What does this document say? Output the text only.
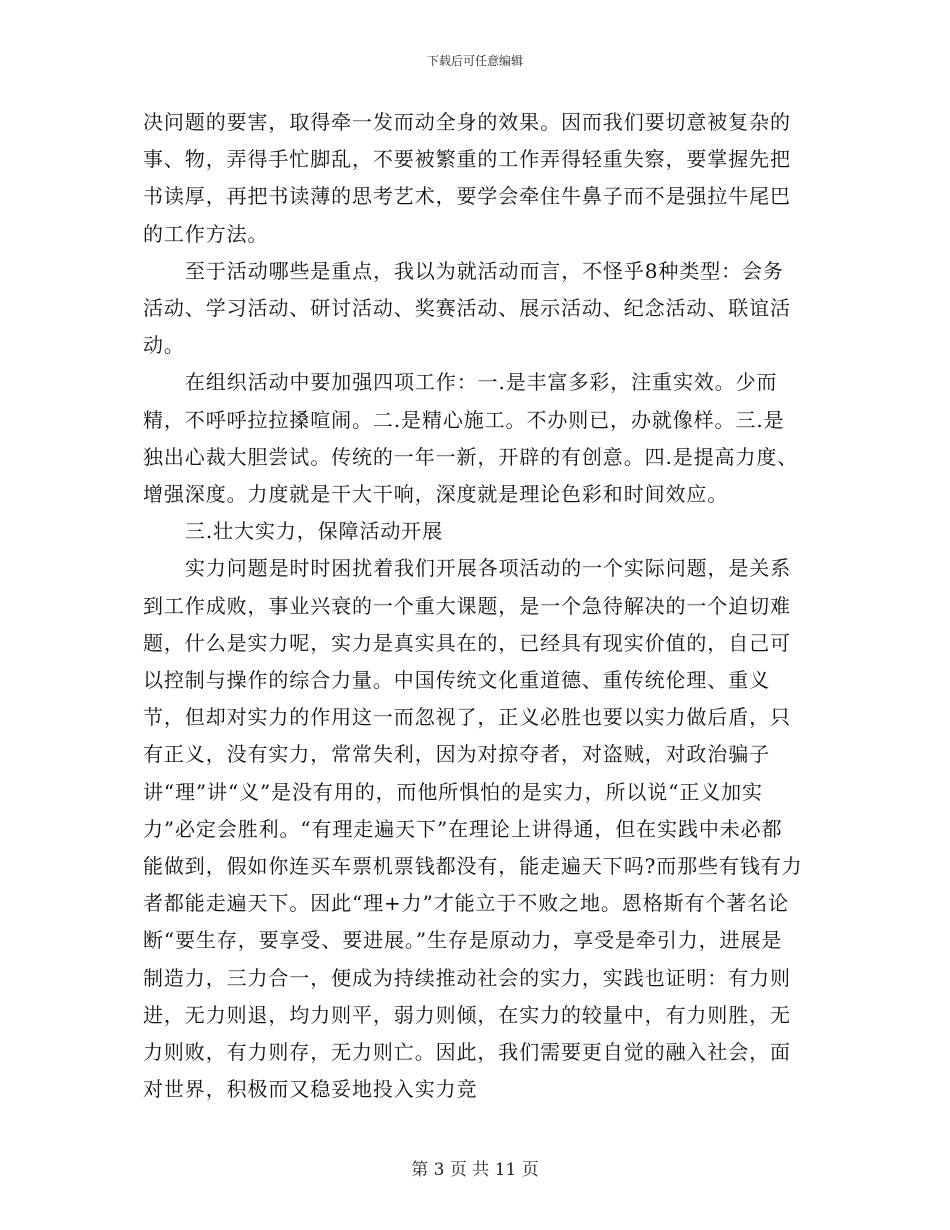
下载后可任意编辑

决问题的要害，取得牵一发而动全身的效果。因而我们要切意被复杂的事、物，弄得手忙脚乱，不要被繁重的工作弄得轻重失察，要掌握先把书读厚，再把书读薄的思考艺术，要学会牵住牛鼻子而不是强拉牛尾巴的工作方法。

至于活动哪些是重点，我以为就活动而言，不怪乎8种类型：会务活动、学习活动、研讨活动、奖赛活动、展示活动、纪念活动、联谊活动。

在组织活动中要加强四项工作：一.是丰富多彩，注重实效。少而精，不呼呼拉拉搡喧闹。二.是精心施工。不办则已，办就像样。三.是独出心裁大胆尝试。传统的一年一新，开辟的有创意。四.是提高力度、增强深度。力度就是干大干响，深度就是理论色彩和时间效应。

三.壮大实力，保障活动开展

实力问题是时时困扰着我们开展各项活动的一个实际问题，是关系到工作成败，事业兴衰的一个重大课题，是一个急待解决的一个迫切难题，什么是实力呢，实力是真实具在的，已经具有现实价值的，自己可以控制与操作的综合力量。中国传统文化重道德、重传统伦理、重义节，但却对实力的作用这一而忽视了，正义必胜也要以实力做后盾，只有正义，没有实力，常常失利，因为对掠夺者，对盗贼，对政治骗子讲“理”讲“义”是没有用的，而他所惧怕的是实力，所以说“正义加实力”必定会胜利。“有理走遍天下”在理论上讲得通，但在实践中未必都能做到，假如你连买车票机票钱都没有，能走遍天下吗?而那些有钱有力者都能走遍天下。因此“理+力”才能立于不败之地。恩格斯有个著名论断“要生存，要享受、要进展。”生存是原动力，享受是牵引力，进展是制造力，三力合一，便成为持续推动社会的实力，实践也证明：有力则进，无力则退，均力则平，弱力则倾，在实力的较量中，有力则胜，无力则败，有力则存，无力则亡。因此，我们需要更自觉的融入社会，面对世界，积极而又稳妥地投入实力竞

第 3 页 共 11 页
